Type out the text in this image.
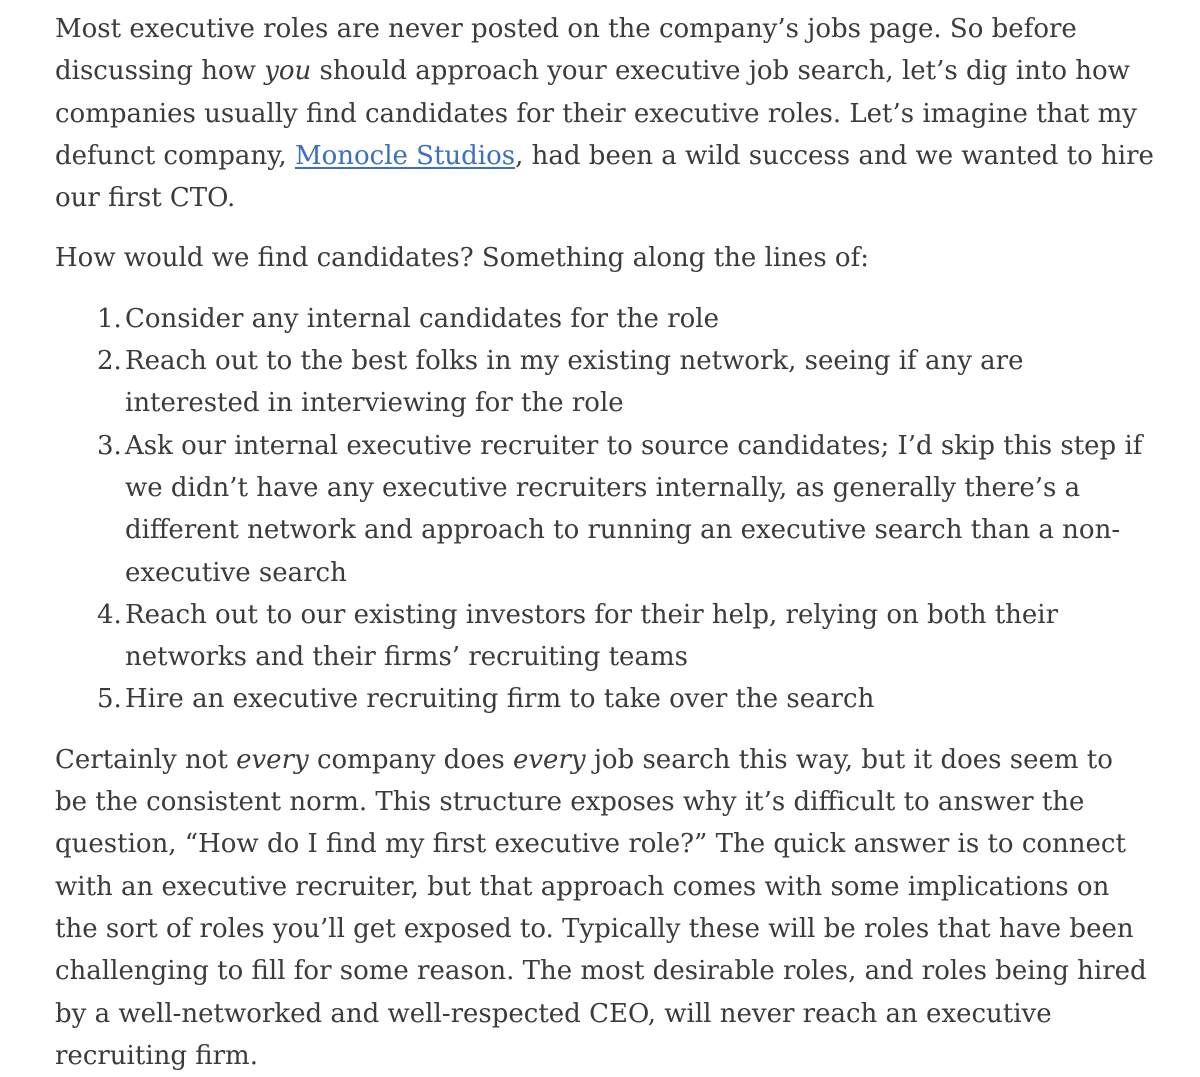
Most executive roles are never posted on the company’s jobs page. So before discussing how you should approach your executive job search, let’s dig into how companies usually find candidates for their executive roles. Let’s imagine that my defunct company, Monocle Studios, had been a wild success and we wanted to hire our first CTO.

How would we find candidates? Something along the lines of:

Consider any internal candidates for the role
Reach out to the best folks in my existing network, seeing if any are interested in interviewing for the role
Ask our internal executive recruiter to source candidates; I’d skip this step if we didn’t have any executive recruiters internally, as generally there’s a different network and approach to running an executive search than a non-executive search
Reach out to our existing investors for their help, relying on both their networks and their firms’ recruiting teams
Hire an executive recruiting firm to take over the search

Certainly not every company does every job search this way, but it does seem to be the consistent norm. This structure exposes why it’s difficult to answer the question, “How do I find my first executive role?” The quick answer is to connect with an executive recruiter, but that approach comes with some implications on the sort of roles you’ll get exposed to. Typically these will be roles that have been challenging to fill for some reason. The most desirable roles, and roles being hired by a well-networked and well-respected CEO, will never reach an executive recruiting firm.
